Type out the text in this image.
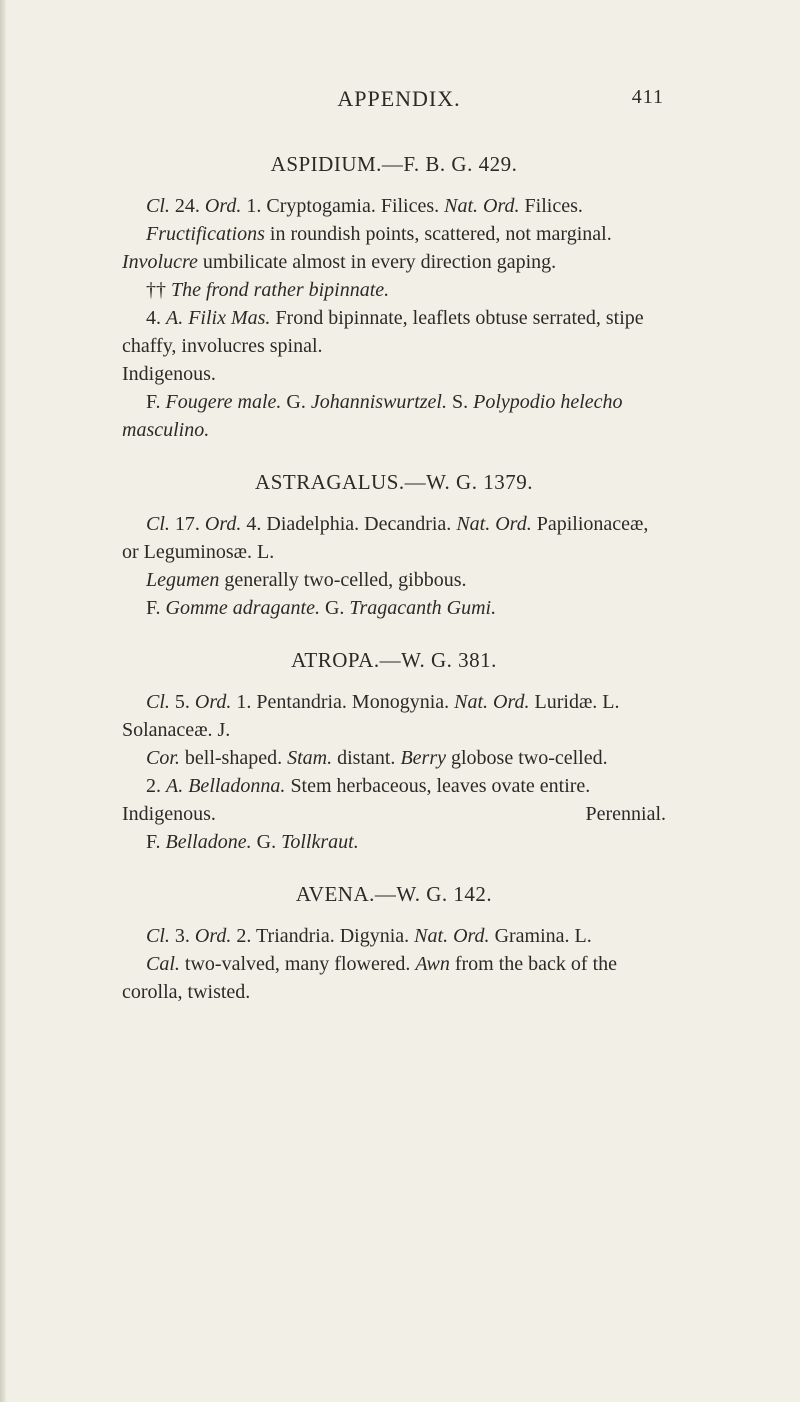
APPENDIX.	411
ASPIDIUM.—F. B. G. 429.

Cl. 24. Ord. 1. Cryptogamia. Filices. Nat. Ord. Filices.

Fructifications in roundish points, scattered, not marginal. Involucre umbilicate almost in every direction gaping.

†† The frond rather bipinnate.

4. A. Filix Mas. Frond bipinnate, leaflets obtuse serrated, stipe chaffy, involucres spinal.

Indigenous.

F. Fougere male. G. Johanniswurtzel. S. Polypodio helecho masculino.

ASTRAGALUS.—W. G. 1379.

Cl. 17. Ord. 4. Diadelphia. Decandria. Nat. Ord. Papilionaceæ, or Leguminosæ. L.

Legumen generally two-celled, gibbous.

F. Gomme adragante. G. Tragacanth Gumi.

ATROPA.—W. G. 381.

Cl. 5. Ord. 1. Pentandria. Monogynia. Nat. Ord. Luridæ. L. Solanaceæ. J.

Cor. bell-shaped. Stam. distant. Berry globose two-celled.

2. A. Belladonna. Stem herbaceous, leaves ovate entire.

Indigenous.	Perennial.

F. Belladone. G. Tollkraut.

AVENA.—W. G. 142.

Cl. 3. Ord. 2. Triandria. Digynia. Nat. Ord. Gramina. L.

Cal. two-valved, many flowered. Awn from the back of the corolla, twisted.
